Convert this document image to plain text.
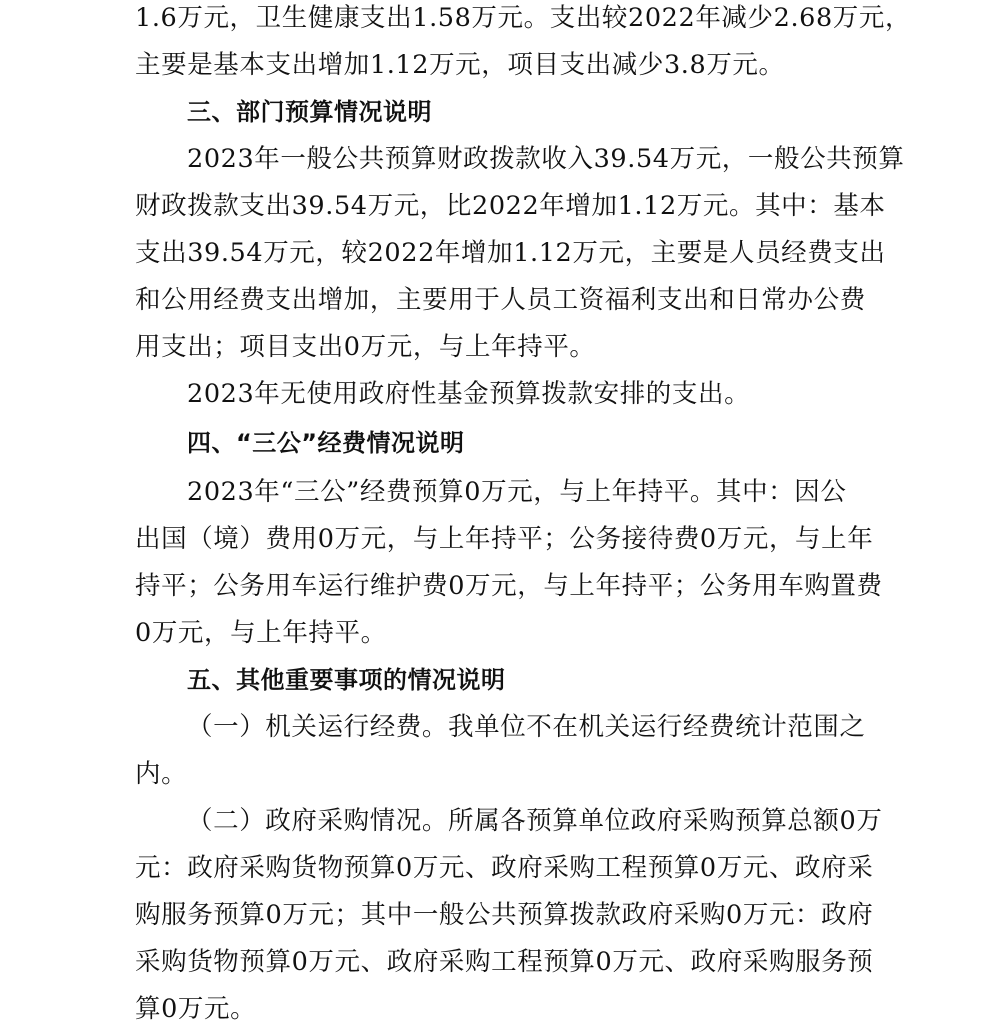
1.6万元，卫生健康支出1.58万元。支出较2022年减少2.68万元，
主要是基本支出增加1.12万元，项目支出减少3.8万元。
三、部门预算情况说明
2023年一般公共预算财政拨款收入39.54万元，一般公共预算
财政拨款支出39.54万元，比2022年增加1.12万元。其中：基本
支出39.54万元，较2022年增加1.12万元，主要是人员经费支出
和公用经费支出增加，主要用于人员工资福利支出和日常办公费
用支出；项目支出0万元，与上年持平。
2023年无使用政府性基金预算拨款安排的支出。
四、“三公”经费情况说明
2023年“三公”经费预算0万元，与上年持平。其中：因公
出国（境）费用0万元，与上年持平；公务接待费0万元，与上年
持平；公务用车运行维护费0万元，与上年持平；公务用车购置费
0万元，与上年持平。
五、其他重要事项的情况说明
（一）机关运行经费。我单位不在机关运行经费统计范围之
内。
（二）政府采购情况。所属各预算单位政府采购预算总额0万
元：政府采购货物预算0万元、政府采购工程预算0万元、政府采
购服务预算0万元；其中一般公共预算拨款政府采购0万元：政府
采购货物预算0万元、政府采购工程预算0万元、政府采购服务预
算0万元。
